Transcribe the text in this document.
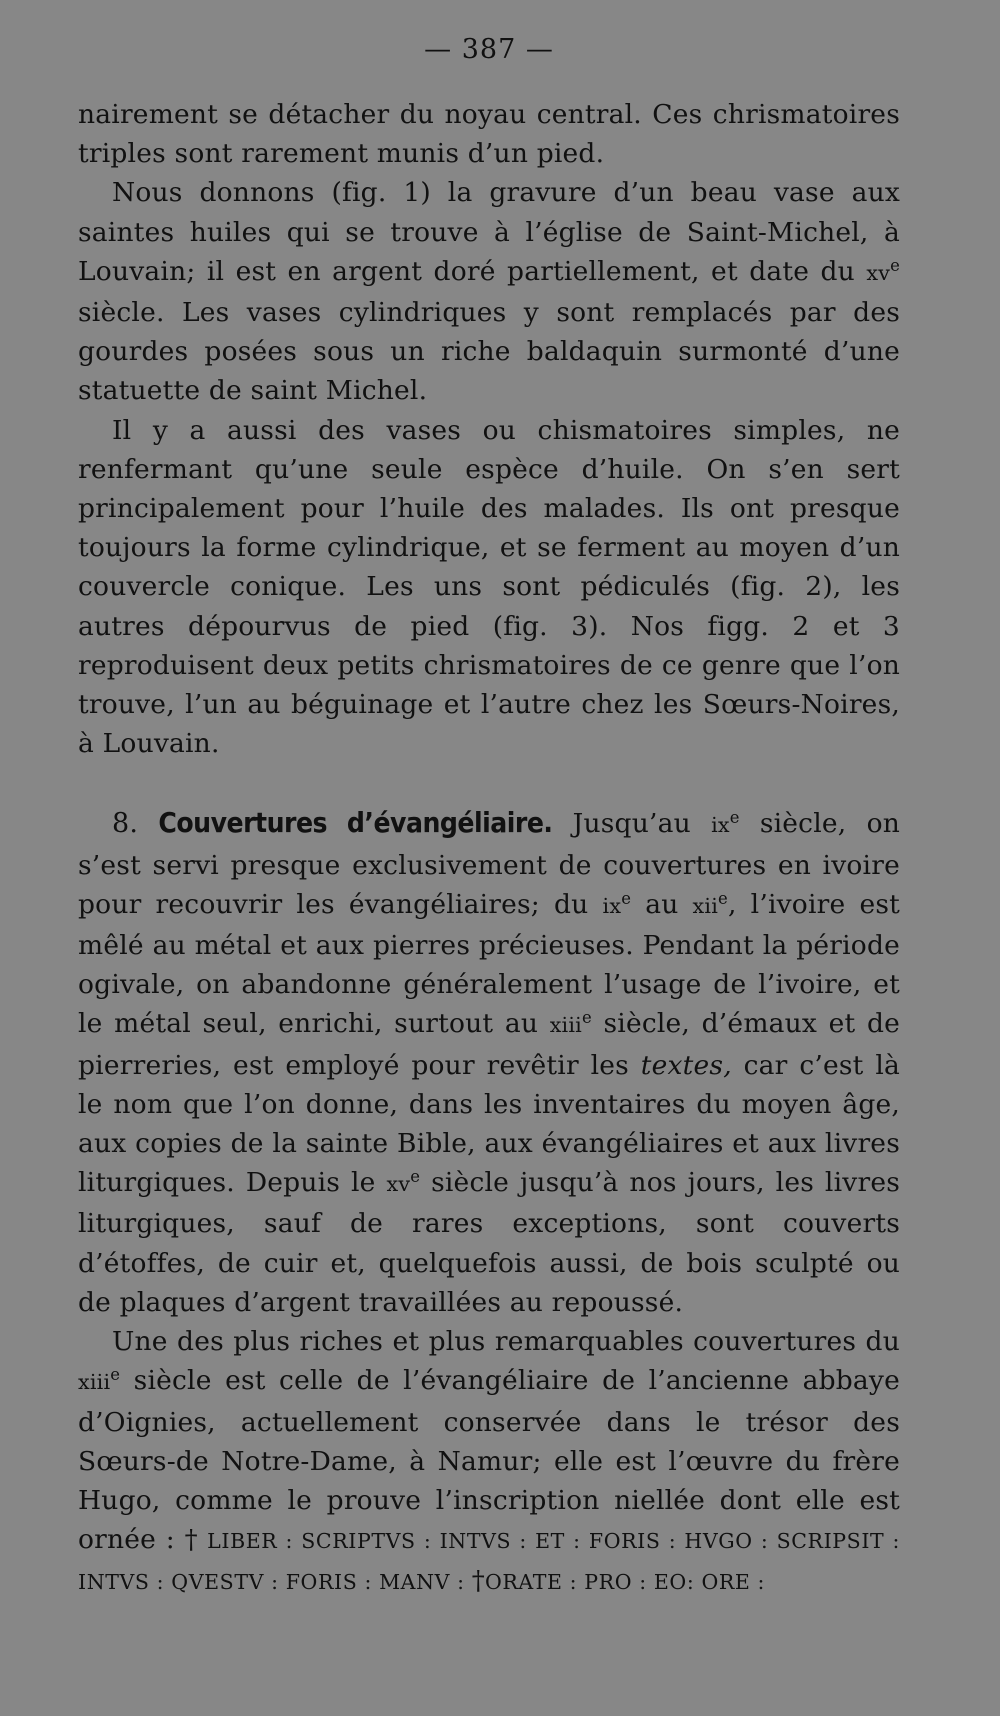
— 387 —

nairement se détacher du noyau central. Ces chrismatoires triples sont rarement munis d’un pied.

Nous donnons (fig. 1) la gravure d’un beau vase aux saintes huiles qui se trouve à l’église de Saint-Michel, à Louvain; il est en argent doré partiellement, et date du $xv^e$ siècle. Les vases cylindriques y sont remplacés par des gourdes posées sous un riche baldaquin surmonté d’une statuette de saint Michel.

Il y a aussi des vases ou chismatoires simples, ne renfermant qu’une seule espèce d’huile. On s’en sert principalement pour l’huile des malades. Ils ont presque toujours la forme cylindrique, et se ferment au moyen d’un couvercle conique. Les uns sont pédiculés (fig. 2), les autres dépourvus de pied (fig. 3). Nos figg. 2 et 3 reproduisent deux petits chrismatoires de ce genre que l’on trouve, l’un au béguinage et l’autre chez les Sœurs-Noires, à Louvain.

8. Couvertures d’évangéliaire. Jusqu’au $ix^e$ siècle, on s’est servi presque exclusivement de couvertures en ivoire pour recouvrir les évangéliaires; du $ix^e$ au xii$^e$, l’ivoire est mêlé au métal et aux pierres précieuses. Pendant la période ogivale, on abandonne généralement l’usage de l’ivoire, et le métal seul, enrichi, surtout au xiii$^e$ siècle, d’émaux et de pierreries, est employé pour revêtir les textes, car c’est là le nom que l’on donne, dans les inventaires du moyen âge, aux copies de la sainte Bible, aux évangéliaires et aux livres liturgiques. Depuis le $xv^e$ siècle jusqu’à nos jours, les livres liturgiques, sauf de rares exceptions, sont couverts d’étoffes, de cuir et, quelquefois aussi, de bois sculpté ou de plaques d’argent travaillées au repoussé.

Une des plus riches et plus remarquables couvertures du xiii$^e$ siècle est celle de l’évangéliaire de l’ancienne abbaye d’Oignies, actuellement conservée dans le trésor des Sœurs-de Notre-Dame, à Namur; elle est l’œuvre du frère Hugo, comme le prouve l’inscription niellée dont elle est ornée : † LIBER : SCRIPTVS : INTVS : ET : FORIS : HVGO : SCRIPSIT : INTVS : QVESTV : FORIS : MANV : †ORATE : PRO : EO: ORE :
